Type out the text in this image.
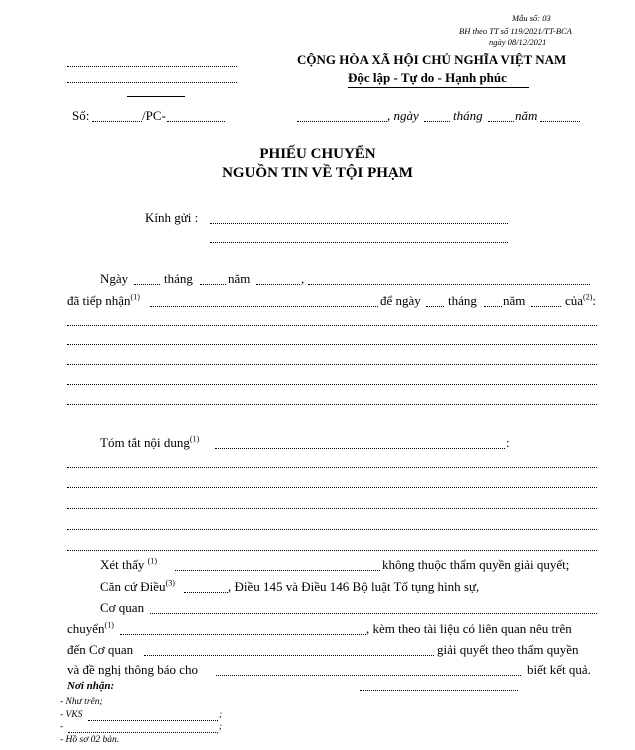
Mẫu số: 03
BH theo TT số 119/2021/TT-BCA
ngày 08/12/2021
CỘNG HÒA XÃ HỘI CHỦ NGHĨA VIỆT NAM
Độc lập - Tự do - Hạnh phúc
Số:	/PC-	, ngày	tháng năm
PHIẾU CHUYỂN
NGUỒN TIN VỀ TỘI PHẠM
Kính gửi :
Ngày	tháng	năm	,
đã tiếp nhận$^{(1)}$	để ngày tháng năm	của$^{(2)}$:
Tóm tắt nội dung$^{(1)}$	:
Xét thấy $^{(1)}$	không thuộc thẩm quyền giải quyết;
Căn cứ Điều$^{(3)}$	, Điều 145 và Điều 146 Bộ luật Tố tụng hình sự,
Cơ quan
chuyển$^{(1)}$	, kèm theo tài liệu có liên quan nêu trên
đến Cơ quan	giải quyết theo thẩm quyền
và đề nghị thông báo cho	biết kết quả.
Nơi nhận:
- Như trên;
- VKS	;
-	;
- Hồ sơ 02 bản.
